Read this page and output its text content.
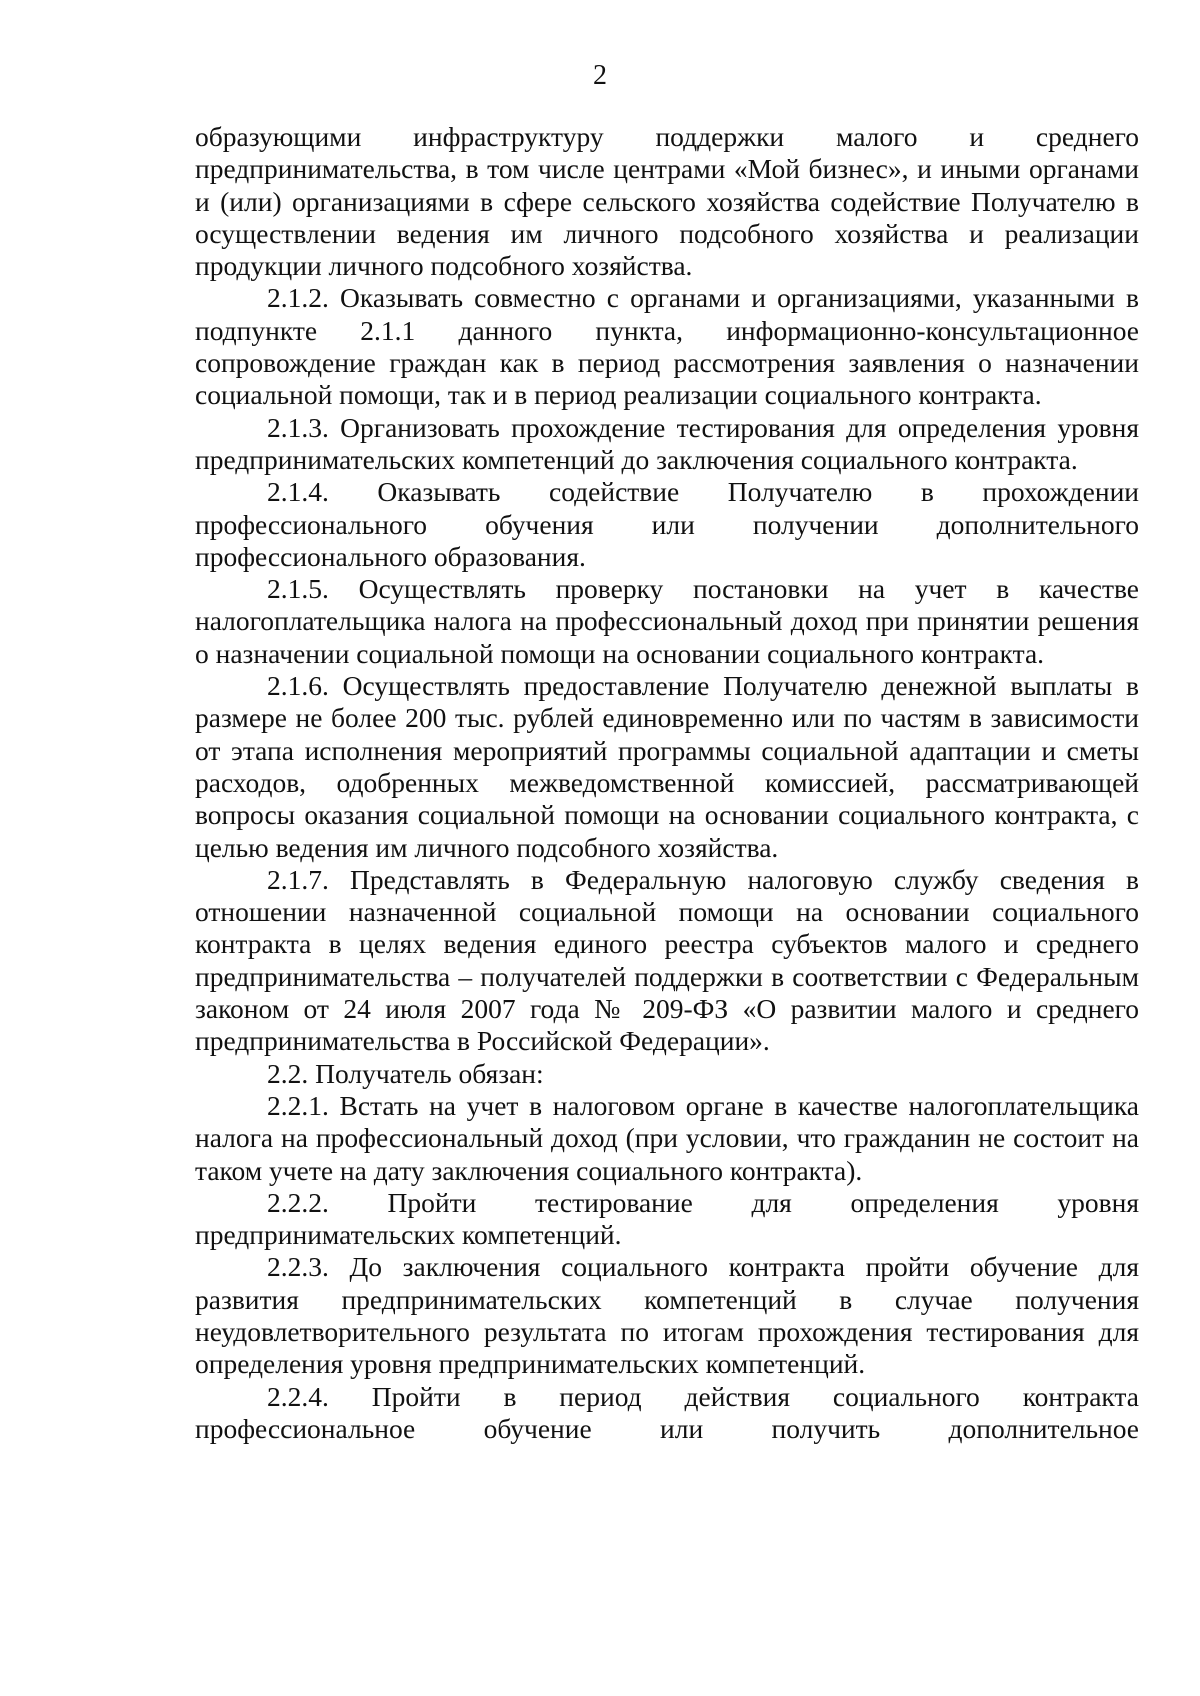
2

образующими инфраструктуру поддержки малого и среднего предпринимательства, в том числе центрами «Мой бизнес», и иными органами и (или) организациями в сфере сельского хозяйства содействие Получателю в осуществлении ведения им личного подсобного хозяйства и реализации продукции личного подсобного хозяйства.

2.1.2. Оказывать совместно с органами и организациями, указанными в подпункте 2.1.1 данного пункта, информационно-консультационное сопровождение граждан как в период рассмотрения заявления о назначении социальной помощи, так и в период реализации социального контракта.

2.1.3. Организовать прохождение тестирования для определения уровня предпринимательских компетенций до заключения социального контракта.

2.1.4. Оказывать содействие Получателю в прохождении профессионального обучения или получении дополнительного профессионального образования.

2.1.5. Осуществлять проверку постановки на учет в качестве налогоплательщика налога на профессиональный доход при принятии решения о назначении социальной помощи на основании социального контракта.

2.1.6. Осуществлять предоставление Получателю денежной выплаты в размере не более 200 тыс. рублей единовременно или по частям в зависимости от этапа исполнения мероприятий программы социальной адаптации и сметы расходов, одобренных межведомственной комиссией, рассматривающей вопросы оказания социальной помощи на основании социального контракта, с целью ведения им личного подсобного хозяйства.

2.1.7. Представлять в Федеральную налоговую службу сведения в отношении назначенной социальной помощи на основании социального контракта в целях ведения единого реестра субъектов малого и среднего предпринимательства – получателей поддержки в соответствии с Федеральным законом от 24 июля 2007 года № 209-ФЗ «О развитии малого и среднего предпринимательства в Российской Федерации».

2.2. Получатель обязан:

2.2.1. Встать на учет в налоговом органе в качестве налогоплательщика налога на профессиональный доход (при условии, что гражданин не состоит на таком учете на дату заключения социального контракта).

2.2.2. Пройти тестирование для определения уровня предпринимательских компетенций.

2.2.3. До заключения социального контракта пройти обучение для развития предпринимательских компетенций в случае получения неудовлетворительного результата по итогам прохождения тестирования для определения уровня предпринимательских компетенций.

2.2.4. Пройти в период действия социального контракта профессиональное обучение или получить дополнительное
